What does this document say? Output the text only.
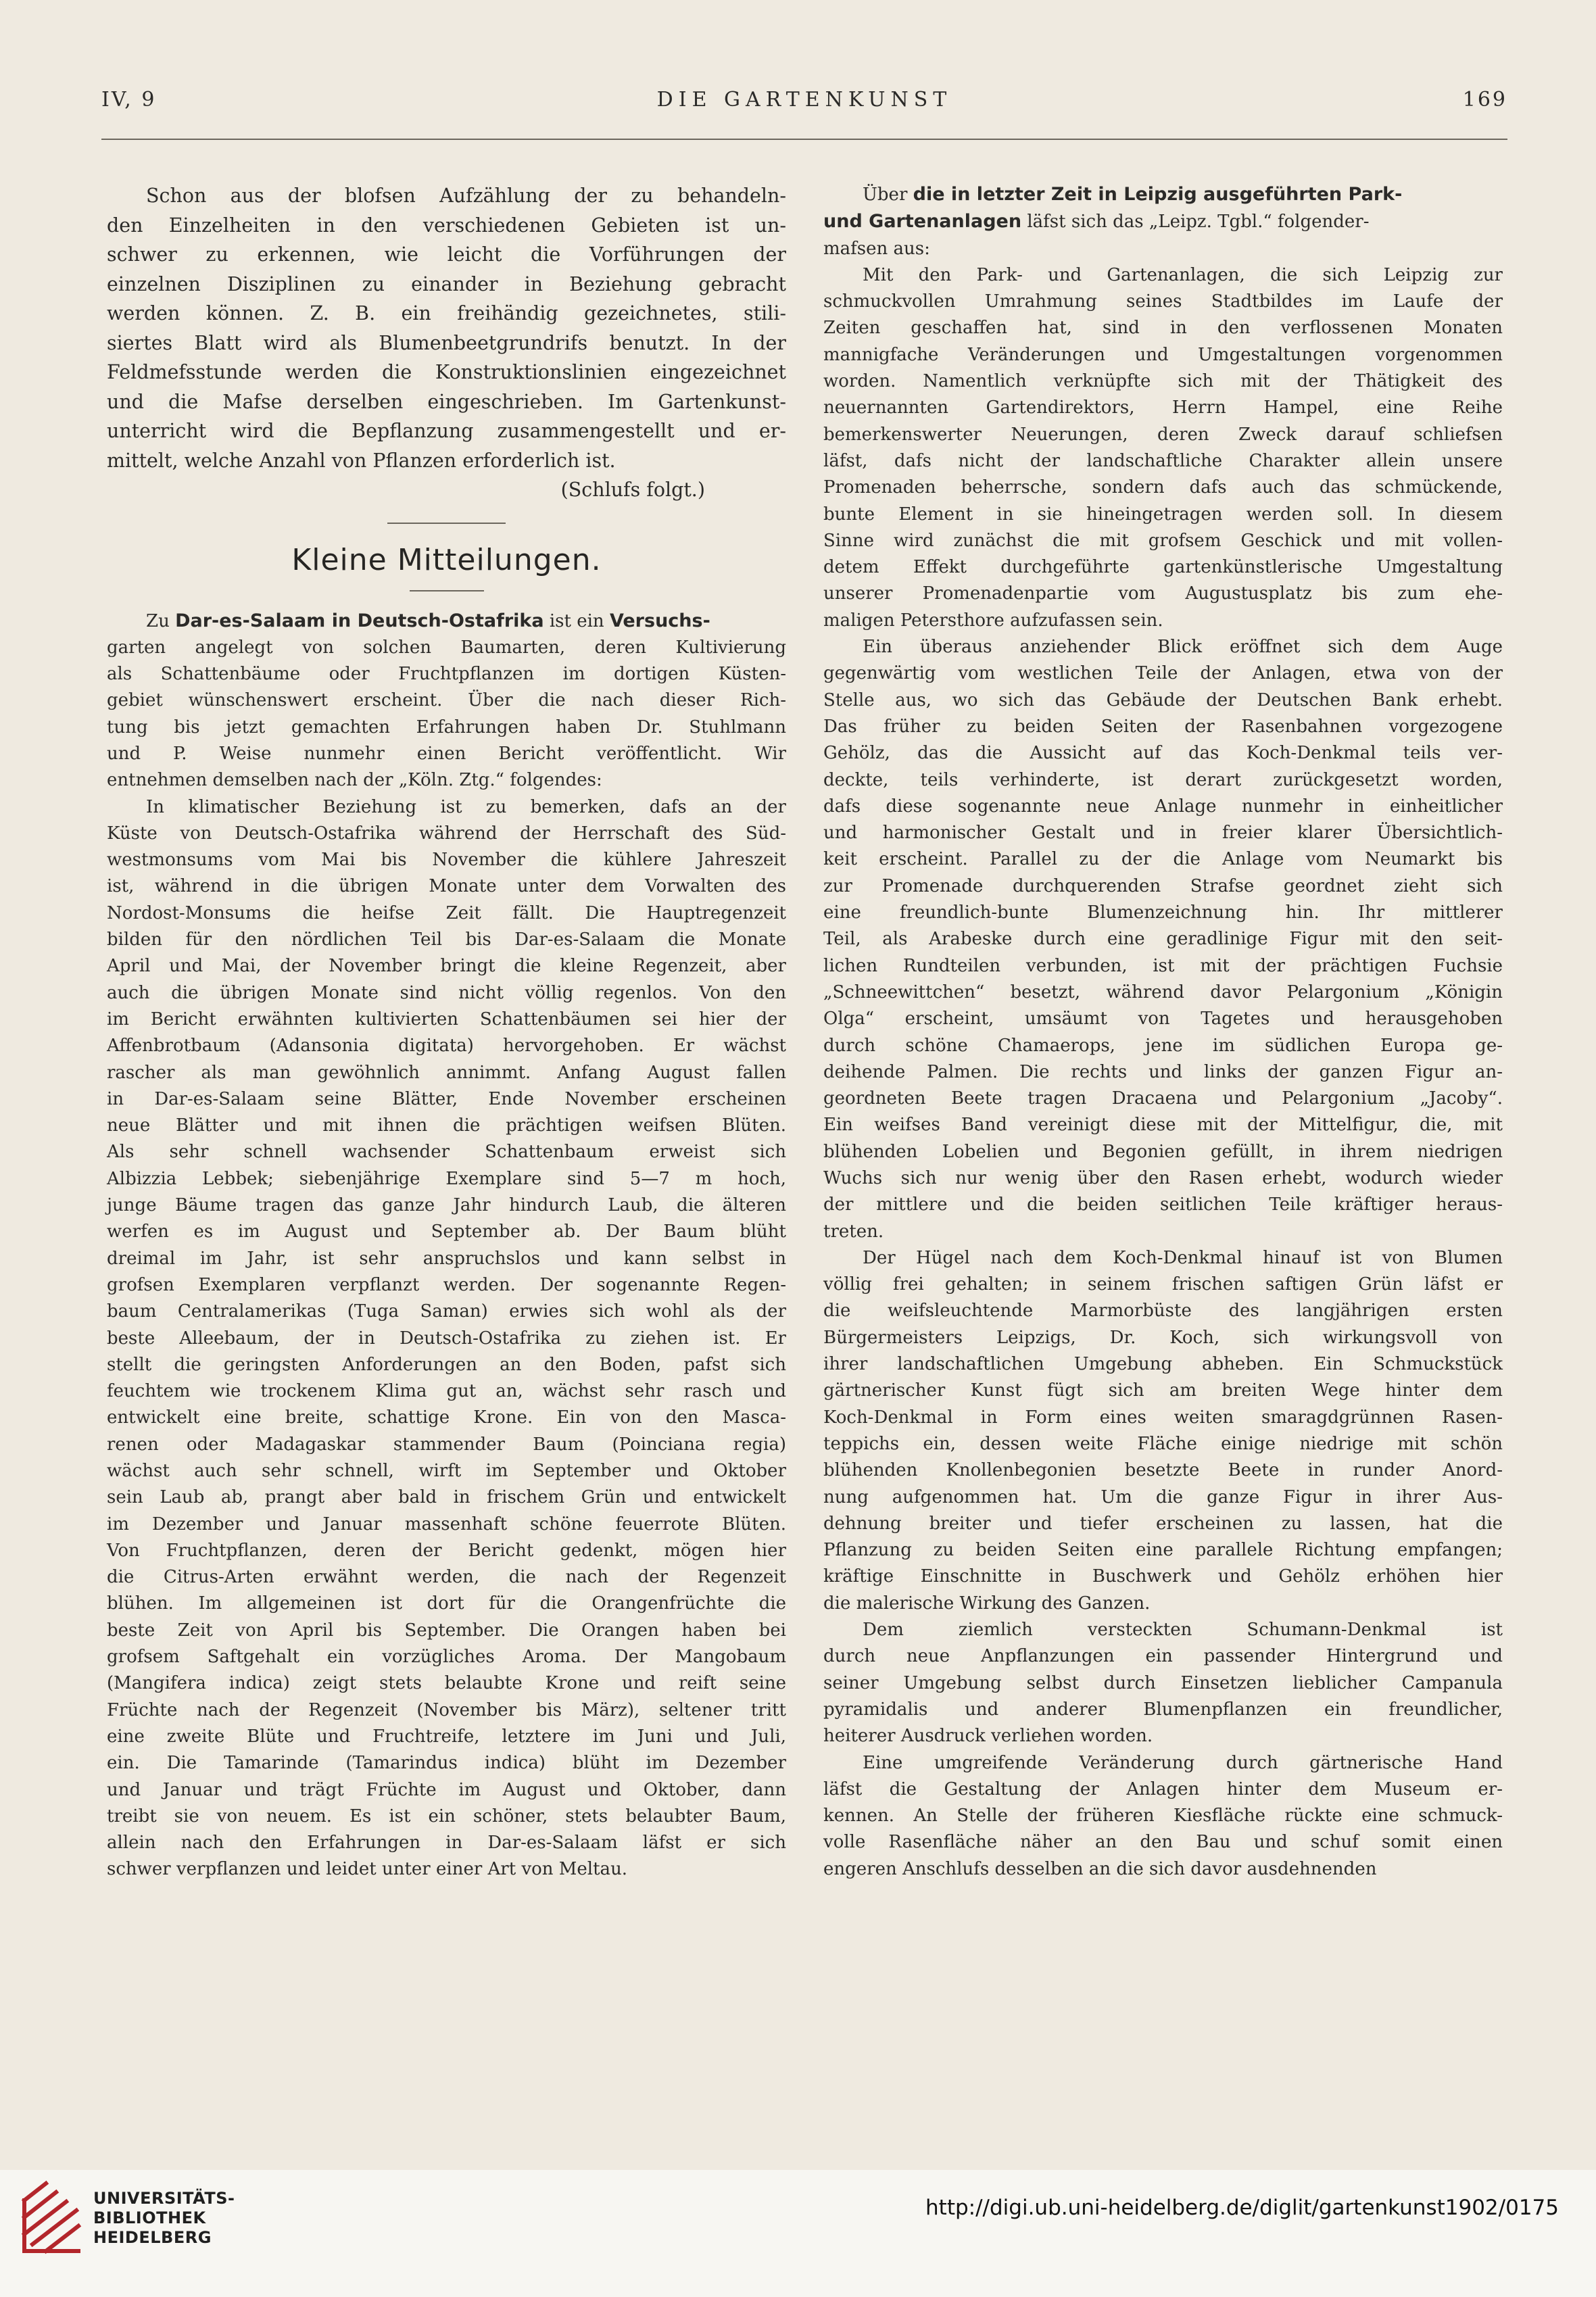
IV, 9	DIE GARTENKUNST	169
Schon aus der blofsen Aufzählung der zu behandeln-
den Einzelheiten in den verschiedenen Gebieten ist un-
schwer zu erkennen, wie leicht die Vorführungen der
einzelnen Disziplinen zu einander in Beziehung gebracht
werden können. Z. B. ein freihändig gezeichnetes, stili-
siertes Blatt wird als Blumenbeetgrundrifs benutzt. In der
Feldmefsstunde werden die Konstruktionslinien eingezeichnet
und die Mafse derselben eingeschrieben. Im Gartenkunst-
unterricht wird die Bepflanzung zusammengestellt und er-
mittelt, welche Anzahl von Pflanzen erforderlich ist.

(Schlufs folgt.)

Kleine Mitteilungen.

Zu Dar-es-Salaam in Deutsch-Ostafrika ist ein Versuchs-

garten angelegt von solchen Baumarten, deren Kultivierung
als Schattenbäume oder Fruchtpflanzen im dortigen Küsten-
gebiet wünschenswert erscheint. Über die nach dieser Rich-
tung bis jetzt gemachten Erfahrungen haben Dr. Stuhlmann
und P. Weise nunmehr einen Bericht veröffentlicht. Wir
entnehmen demselben nach der „Köln. Ztg.“ folgendes:
In klimatischer Beziehung ist zu bemerken, dafs an der
Küste von Deutsch-Ostafrika während der Herrschaft des Süd-
westmonsums vom Mai bis November die kühlere Jahreszeit
ist, während in die übrigen Monate unter dem Vorwalten des
Nordost-Monsums die heifse Zeit fällt. Die Hauptregenzeit
bilden für den nördlichen Teil bis Dar-es-Salaam die Monate
April und Mai, der November bringt die kleine Regenzeit, aber
auch die übrigen Monate sind nicht völlig regenlos. Von den
im Bericht erwähnten kultivierten Schattenbäumen sei hier der
Affenbrotbaum (Adansonia digitata) hervorgehoben. Er wächst
rascher als man gewöhnlich annimmt. Anfang August fallen
in Dar-es-Salaam seine Blätter, Ende November erscheinen
neue Blätter und mit ihnen die prächtigen weifsen Blüten.
Als sehr schnell wachsender Schattenbaum erweist sich
Albizzia Lebbek; siebenjährige Exemplare sind 5—7 m hoch,
junge Bäume tragen das ganze Jahr hindurch Laub, die älteren
werfen es im August und September ab. Der Baum blüht
dreimal im Jahr, ist sehr anspruchslos und kann selbst in
grofsen Exemplaren verpflanzt werden. Der sogenannte Regen-
baum Centralamerikas (Tuga Saman) erwies sich wohl als der
beste Alleebaum, der in Deutsch-Ostafrika zu ziehen ist. Er
stellt die geringsten Anforderungen an den Boden, pafst sich
feuchtem wie trockenem Klima gut an, wächst sehr rasch und
entwickelt eine breite, schattige Krone. Ein von den Masca-
renen oder Madagaskar stammender Baum (Poinciana regia)
wächst auch sehr schnell, wirft im September und Oktober
sein Laub ab, prangt aber bald in frischem Grün und entwickelt
im Dezember und Januar massenhaft schöne feuerrote Blüten.
Von Fruchtpflanzen, deren der Bericht gedenkt, mögen hier
die Citrus-Arten erwähnt werden, die nach der Regenzeit
blühen. Im allgemeinen ist dort für die Orangenfrüchte die
beste Zeit von April bis September. Die Orangen haben bei
grofsem Saftgehalt ein vorzügliches Aroma. Der Mangobaum
(Mangifera indica) zeigt stets belaubte Krone und reift seine
Früchte nach der Regenzeit (November bis März), seltener tritt
eine zweite Blüte und Fruchtreife, letztere im Juni und Juli,
ein. Die Tamarinde (Tamarindus indica) blüht im Dezember
und Januar und trägt Früchte im August und Oktober, dann
treibt sie von neuem. Es ist ein schöner, stets belaubter Baum,
allein nach den Erfahrungen in Dar-es-Salaam läfst er sich
schwer verpflanzen und leidet unter einer Art von Meltau.

Über die in letzter Zeit in Leipzig ausgeführten Park-

und Gartenanlagen läfst sich das „Leipz. Tgbl.“ folgender-

mafsen aus:
Mit den Park- und Gartenanlagen, die sich Leipzig zur
schmuckvollen Umrahmung seines Stadtbildes im Laufe der
Zeiten geschaffen hat, sind in den verflossenen Monaten
mannigfache Veränderungen und Umgestaltungen vorgenommen
worden. Namentlich verknüpfte sich mit der Thätigkeit des
neuernannten Gartendirektors, Herrn Hampel, eine Reihe
bemerkenswerter Neuerungen, deren Zweck darauf schliefsen
läfst, dafs nicht der landschaftliche Charakter allein unsere
Promenaden beherrsche, sondern dafs auch das schmückende,
bunte Element in sie hineingetragen werden soll. In diesem
Sinne wird zunächst die mit grofsem Geschick und mit vollen-
detem Effekt durchgeführte gartenkünstlerische Umgestaltung
unserer Promenadenpartie vom Augustusplatz bis zum ehe-
maligen Petersthore aufzufassen sein.
Ein überaus anziehender Blick eröffnet sich dem Auge
gegenwärtig vom westlichen Teile der Anlagen, etwa von der
Stelle aus, wo sich das Gebäude der Deutschen Bank erhebt.
Das früher zu beiden Seiten der Rasenbahnen vorgezogene
Gehölz, das die Aussicht auf das Koch-Denkmal teils ver-
deckte, teils verhinderte, ist derart zurückgesetzt worden,
dafs diese sogenannte neue Anlage nunmehr in einheitlicher
und harmonischer Gestalt und in freier klarer Übersichtlich-
keit erscheint. Parallel zu der die Anlage vom Neumarkt bis
zur Promenade durchquerenden Strafse geordnet zieht sich
eine freundlich-bunte Blumenzeichnung hin. Ihr mittlerer
Teil, als Arabeske durch eine geradlinige Figur mit den seit-
lichen Rundteilen verbunden, ist mit der prächtigen Fuchsie
„Schneewittchen“ besetzt, während davor Pelargonium „Königin
Olga“ erscheint, umsäumt von Tagetes und herausgehoben
durch schöne Chamaerops, jene im südlichen Europa ge-
deihende Palmen. Die rechts und links der ganzen Figur an-
geordneten Beete tragen Dracaena und Pelargonium „Jacoby“.
Ein weifses Band vereinigt diese mit der Mittelfigur, die, mit
blühenden Lobelien und Begonien gefüllt, in ihrem niedrigen
Wuchs sich nur wenig über den Rasen erhebt, wodurch wieder
der mittlere und die beiden seitlichen Teile kräftiger heraus-
treten.
Der Hügel nach dem Koch-Denkmal hinauf ist von Blumen
völlig frei gehalten; in seinem frischen saftigen Grün läfst er
die weifsleuchtende Marmorbüste des langjährigen ersten
Bürgermeisters Leipzigs, Dr. Koch, sich wirkungsvoll von
ihrer landschaftlichen Umgebung abheben. Ein Schmuckstück
gärtnerischer Kunst fügt sich am breiten Wege hinter dem
Koch-Denkmal in Form eines weiten smaragdgrünnen Rasen-
teppichs ein, dessen weite Fläche einige niedrige mit schön
blühenden Knollenbegonien besetzte Beete in runder Anord-
nung aufgenommen hat. Um die ganze Figur in ihrer Aus-
dehnung breiter und tiefer erscheinen zu lassen, hat die
Pflanzung zu beiden Seiten eine parallele Richtung empfangen;
kräftige Einschnitte in Buschwerk und Gehölz erhöhen hier
die malerische Wirkung des Ganzen.
Dem ziemlich versteckten Schumann-Denkmal ist
durch neue Anpflanzungen ein passender Hintergrund und
seiner Umgebung selbst durch Einsetzen lieblicher Campanula
pyramidalis und anderer Blumenpflanzen ein freundlicher,
heiterer Ausdruck verliehen worden.
Eine umgreifende Veränderung durch gärtnerische Hand
läfst die Gestaltung der Anlagen hinter dem Museum er-
kennen. An Stelle der früheren Kiesfläche rückte eine schmuck-
volle Rasenfläche näher an den Bau und schuf somit einen
engeren Anschlufs desselben an die sich davor ausdehnenden
UNIVERSITÄTS-
BIBLIOTHEK
HEIDELBERG
http://digi.ub.uni-heidelberg.de/diglit/gartenkunst1902/0175
